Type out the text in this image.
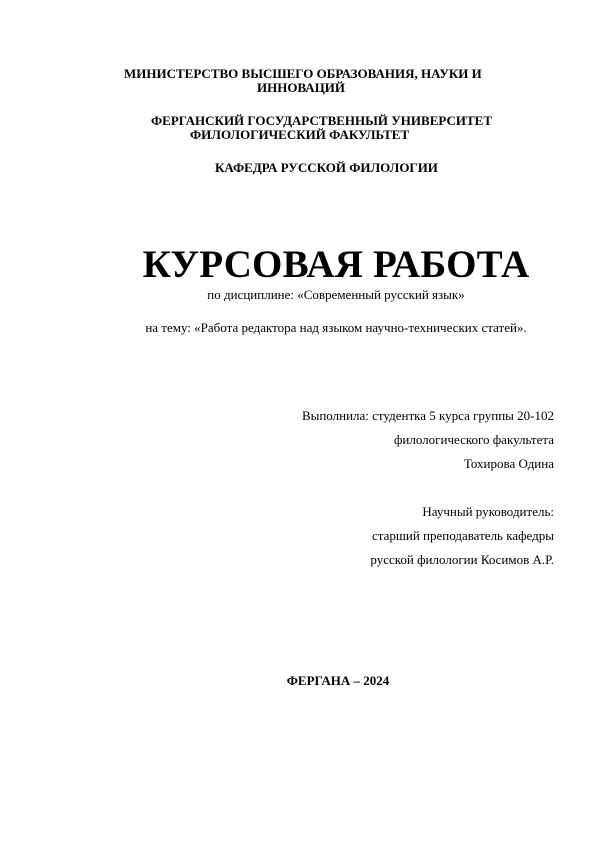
МИНИСТЕРСТВО ВЫСШЕГО ОБРАЗОВАНИЯ, НАУКИ И

ИННОВАЦИЙ

ФЕРГАНСКИЙ ГОСУДАРСТВЕННЫЙ УНИВЕРСИТЕТ

ФИЛОЛОГИЧЕСКИЙ ФАКУЛЬТЕТ

КАФЕДРА РУССКОЙ ФИЛОЛОГИИ

КУРСОВАЯ РАБОТА

по дисциплине: «Современный русский язык»

на тему: «Работа редактора над языком научно-технических статей».

Выполнила: студентка 5 курса группы 20-102

филологического факультета

Тохирова Одина

Научный руководитель:

старший преподаватель кафедры

русской филологии Косимов А.Р.

ФЕРГАНА – 2024
